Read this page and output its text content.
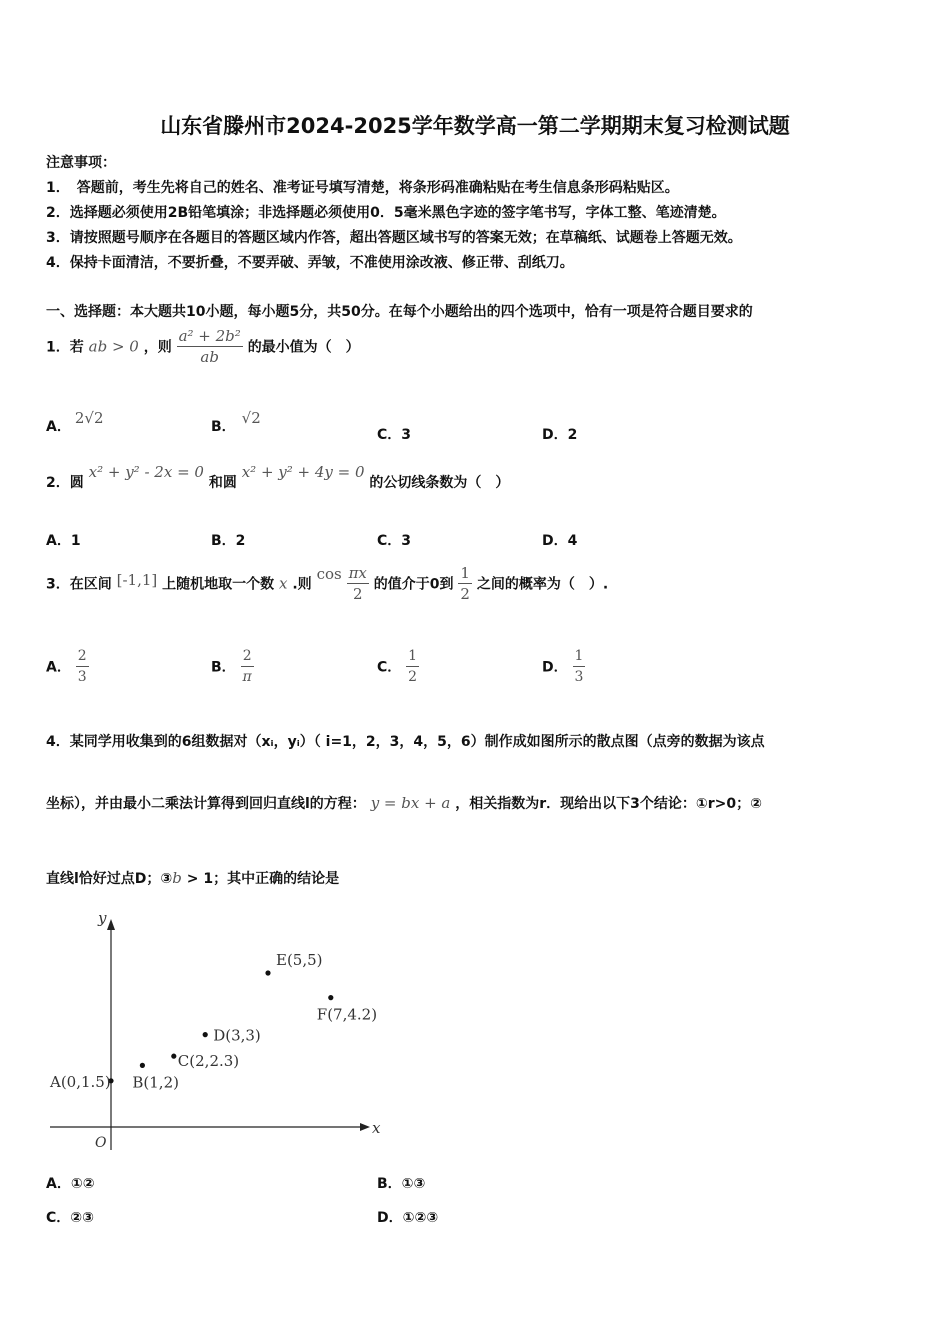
山东省滕州市2024-2025学年数学高一第二学期期末复习检测试题
注意事项：
1．　答题前，考生先将自己的姓名、准考证号填写清楚，将条形码准确粘贴在考生信息条形码粘贴区。
2．选择题必须使用2B铅笔填涂；非选择题必须使用0．5毫米黑色字迹的签字笔书写，字体工整、笔迹清楚。
3．请按照题号顺序在各题目的答题区域内作答，超出答题区域书写的答案无效；在草稿纸、试题卷上答题无效。
4．保持卡面清洁，不要折叠，不要弄破、弄皱，不准使用涂改液、修正带、刮纸刀。
一、选择题：本大题共10小题，每小题5分，共50分。在每个小题给出的四个选项中，恰有一项是符合题目要求的
1．若 ab > 0 ，则 $\frac{\text{a² + 2b²}}{ab}$ 的最小值为（　）
A． 2√2	B． √2
C．3	D．2
2．圆 x² + y² - 2x = 0 和圆 x² + y² + 4y = 0 的公切线条数为（　）
A．1	B．2	C．3	D．4
3．在区间 [-1,1] 上随机地取一个数 x .则 $\cos \frac{\pi x}{2}$ 的值介于0到 $\frac{1}{2}$ 之间的概率为（　）.
A． $\frac{2}{3}$	B． $\frac{2}{\pi}$	C． $\frac{1}{2}$	D． $\frac{1}{3}$
4．某同学用收集到的6组数据对（xᵢ，yᵢ）（ i=1，2，3，4，5，6）制作成如图所示的散点图（点旁的数据为该点
坐标），并由最小二乘法计算得到回归直线l的方程： y = bx + a ，相关指数为r．现给出以下3个结论：①r>0；②
直线l恰好过点D；③b > 1；其中正确的结论是
x
y
O
A(0,1.5) B(1,2)
C(2,2.3)
D(3,3)
E(5,5)
F(7,4.2)
A．①②	B．①③
C．②③	D．①②③
